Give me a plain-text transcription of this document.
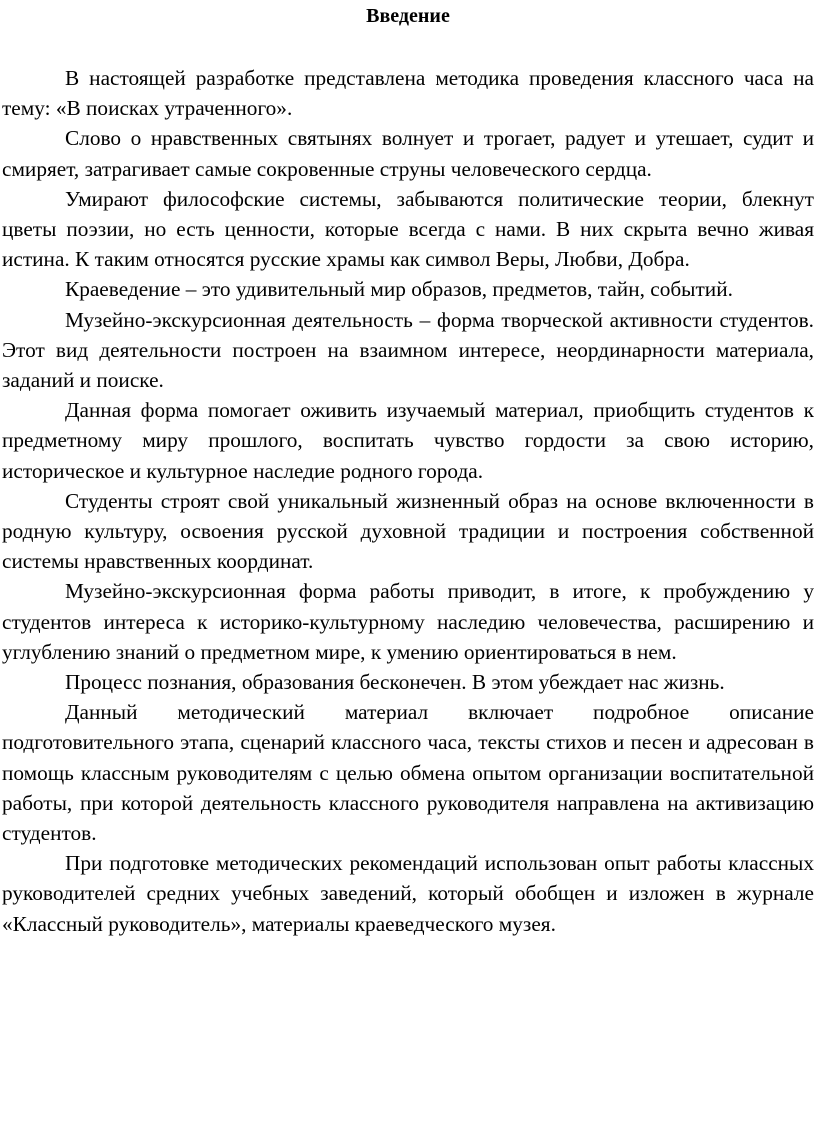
Введение

В настоящей разработке представлена методика проведения классного часа на тему: «В поисках утраченного».

Слово о нравственных святынях волнует и трогает, радует и утешает, судит и смиряет, затрагивает самые сокровенные струны человеческого сердца.

Умирают философские системы, забываются политические теории, блекнут цветы поэзии, но есть ценности, которые всегда с нами. В них скрыта вечно живая истина. К таким относятся русские храмы как символ Веры, Любви, Добра.

Краеведение – это удивительный мир образов, предметов, тайн, событий.

Музейно-экскурсионная деятельность – форма творческой активности студентов. Этот вид деятельности построен на взаимном интересе, неординарности материала, заданий и поиске.

Данная форма помогает оживить изучаемый материал, приобщить студентов к предметному миру прошлого, воспитать чувство гордости за свою историю, историческое и культурное наследие родного города.

Студенты строят свой уникальный жизненный образ на основе включенности в родную культуру, освоения русской духовной традиции и построения собственной системы нравственных координат.

Музейно-экскурсионная форма работы приводит, в итоге, к пробуждению у студентов интереса к историко-культурному наследию человечества, расширению и углублению знаний о предметном мире, к умению ориентироваться в нем.

Процесс познания, образования бесконечен. В этом убеждает нас жизнь.

Данный методический материал включает подробное описание подготовительного этапа, сценарий классного часа, тексты стихов и песен и адресован в помощь классным руководителям с целью обмена опытом организации воспитательной работы, при которой деятельность классного руководителя направлена на активизацию студентов.

При подготовке методических рекомендаций использован опыт работы классных руководителей средних учебных заведений, который обобщен и изложен в журнале «Классный руководитель», материалы краеведческого музея.
